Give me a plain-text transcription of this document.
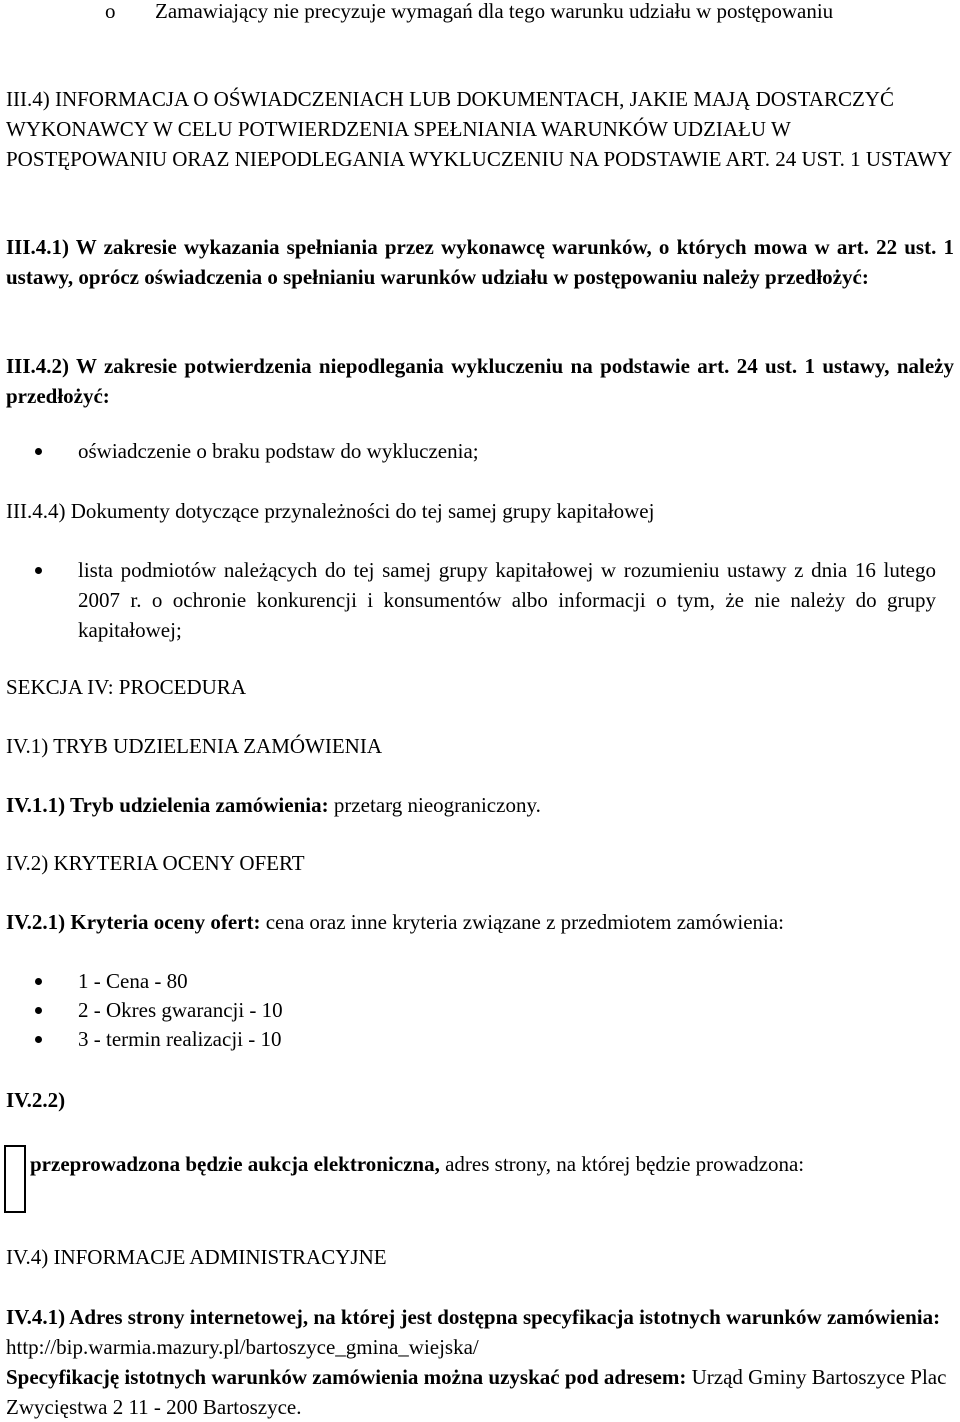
o Zamawiający nie precyzuje wymagań dla tego warunku udziału w postępowaniu

III.4) INFORMACJA O OŚWIADCZENIACH LUB DOKUMENTACH, JAKIE MAJĄ DOSTARCZYĆ WYKONAWCY W CELU POTWIERDZENIA SPEŁNIANIA WARUNKÓW UDZIAŁU W POSTĘPOWANIU ORAZ NIEPODLEGANIA WYKLUCZENIU NA PODSTAWIE ART. 24 UST. 1 USTAWY

III.4.1) W zakresie wykazania spełniania przez wykonawcę warunków, o których mowa w art. 22 ust. 1 ustawy, oprócz oświadczenia o spełnianiu warunków udziału w postępowaniu należy przedłożyć:

III.4.2) W zakresie potwierdzenia niepodlegania wykluczeniu na podstawie art. 24 ust. 1 ustawy, należy przedłożyć:

oświadczenie o braku podstaw do wykluczenia;

III.4.4) Dokumenty dotyczące przynależności do tej samej grupy kapitałowej

lista podmiotów należących do tej samej grupy kapitałowej w rozumieniu ustawy z dnia 16 lutego 2007 r. o ochronie konkurencji i konsumentów albo informacji o tym, że nie należy do grupy kapitałowej;

SEKCJA IV: PROCEDURA

IV.1) TRYB UDZIELENIA ZAMÓWIENIA

IV.1.1) Tryb udzielenia zamówienia: przetarg nieograniczony.

IV.2) KRYTERIA OCENY OFERT

IV.2.1) Kryteria oceny ofert: cena oraz inne kryteria związane z przedmiotem zamówienia:

1 - Cena - 80
2 - Okres gwarancji - 10
3 - termin realizacji - 10

IV.2.2)

przeprowadzona będzie aukcja elektroniczna, adres strony, na której będzie prowadzona:

IV.4) INFORMACJE ADMINISTRACYJNE

IV.4.1) Adres strony internetowej, na której jest dostępna specyfikacja istotnych warunków zamówienia: http://bip.warmia.mazury.pl/bartoszyce_gmina_wiejska/
Specyfikację istotnych warunków zamówienia można uzyskać pod adresem: Urząd Gminy Bartoszyce Plac Zwycięstwa 2 11 - 200 Bartoszyce.
